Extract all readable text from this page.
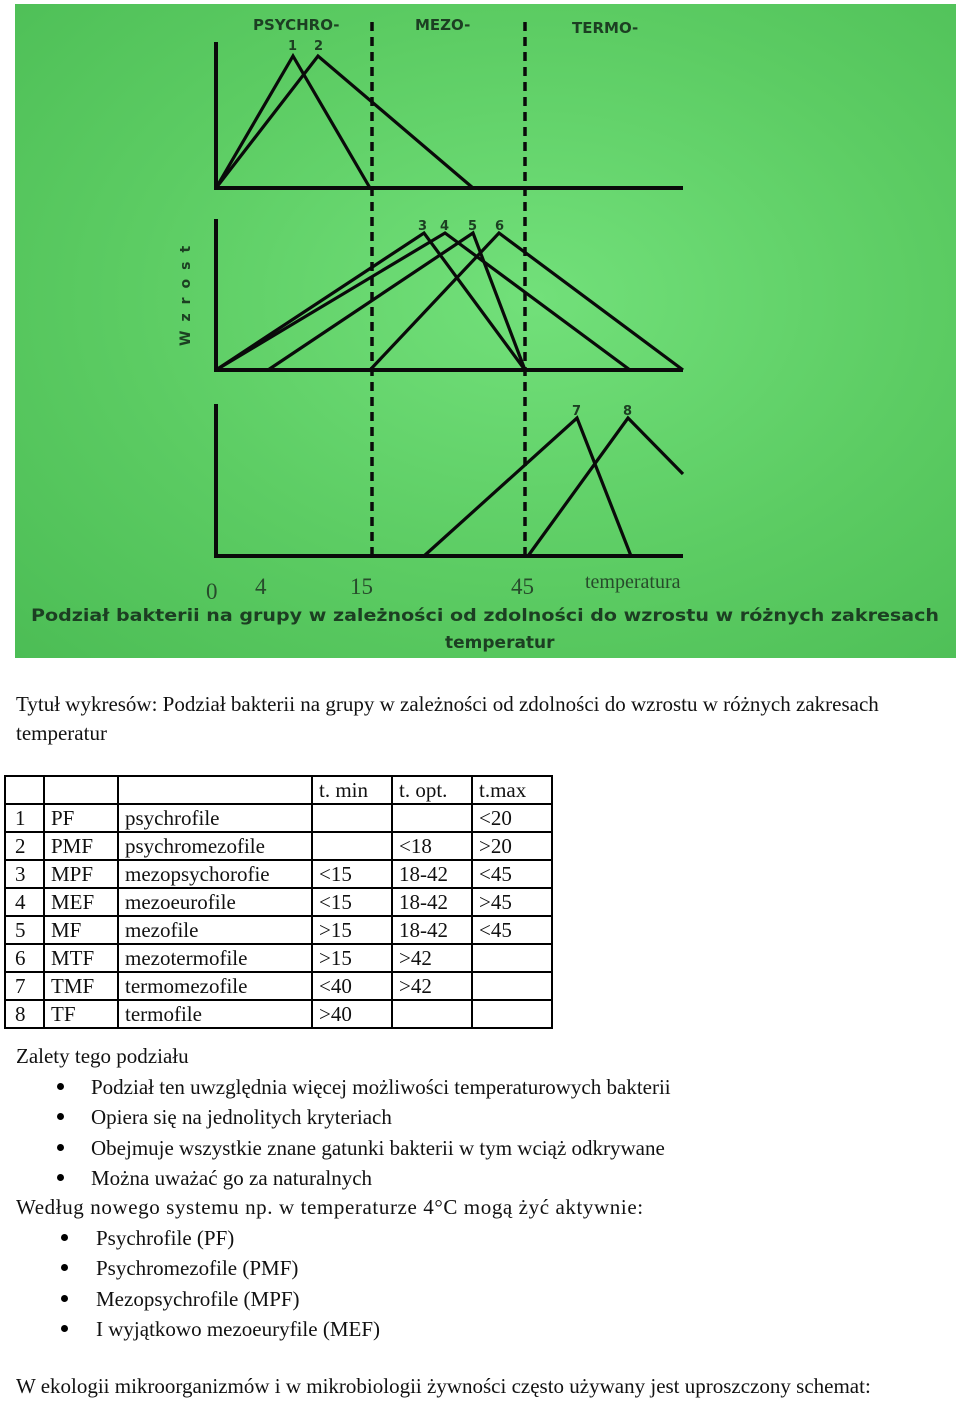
PSYCHRO-	MEZO-	TERMO-
1 2
3 4 5 6
7	8
Wzrost
0 4	15	45	temperatura
Podział bakterii na grupy w zależności od zdolności do wzrostu w różnych zakresach
temperatur
Tytuł wykresów: Podział bakterii na grupy w zależności od zdolności do wzrostu w różnych zakresach temperatur
			t. min	t. opt.	t.max
1	PF	psychrofile			<20
2	PMF	psychromezofile		<18	>20
3	MPF	mezopsychorofie	<15	18-42	<45
4	MEF	mezoeurofile	<15	18-42	>45
5	MF	mezofile	>15	18-42	<45
6	MTF	mezotermofile	>15	>42	
7	TMF	termomezofile	<40	>42	
8	TF	termofile	>40		
Zalety tego podziału
Podział ten uwzględnia więcej możliwości temperaturowych bakterii
Opiera się na jednolitych kryteriach
Obejmuje wszystkie znane gatunki bakterii w tym wciąż odkrywane
Można uważać go za naturalnych
Według nowego systemu np. w temperaturze 4°C mogą żyć aktywnie:
Psychrofile (PF)
Psychromezofile (PMF)
Mezopsychrofile (MPF)
I wyjątkowo mezoeuryfile (MEF)
W ekologii mikroorganizmów i w mikrobiologii żywności często używany jest uproszczony schemat:
